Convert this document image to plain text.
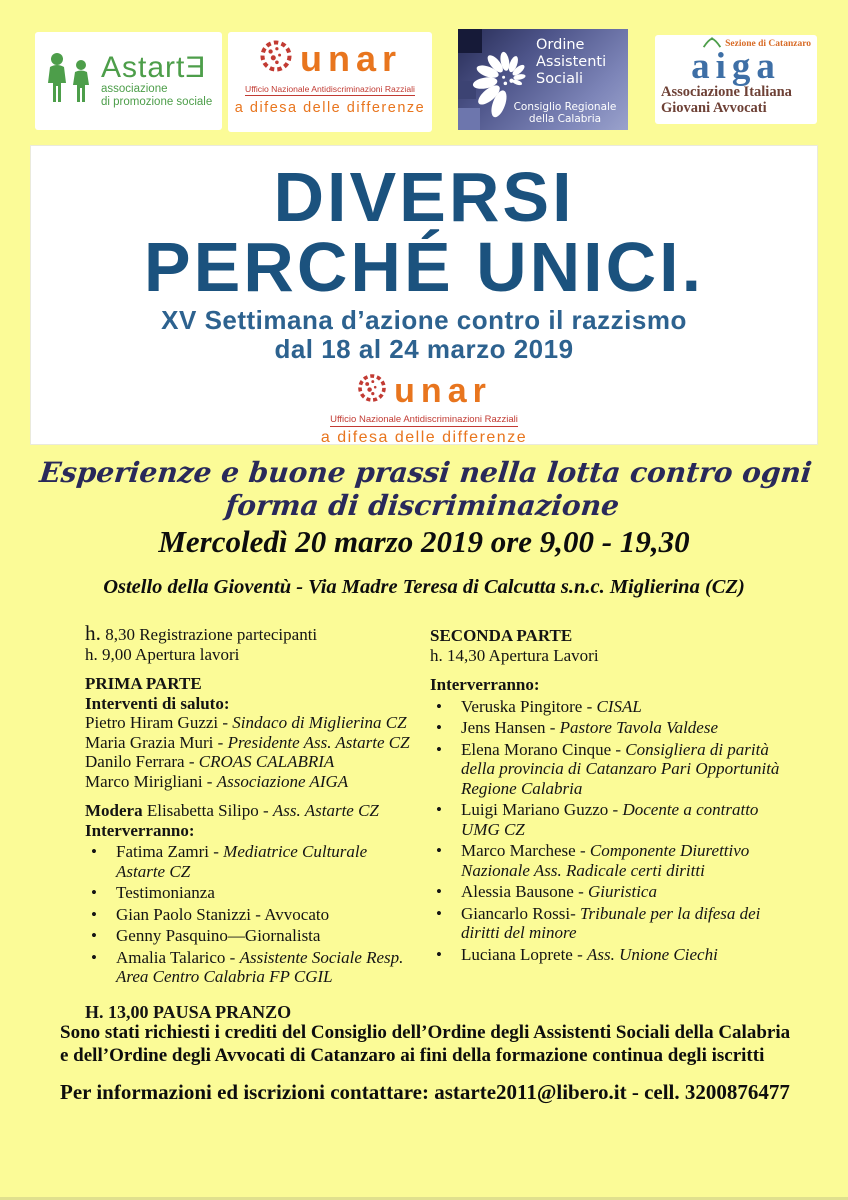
AstartƎ
associazione
di promozione sociale
unar
Ufficio Nazionale Antidiscriminazioni Razziali
a difesa delle differenze
Ordine
Assistenti
Sociali
Consiglio Regionale
della Calabria
Sezione di Catanzaro
aiga
Associazione Italiana
Giovani Avvocati
DIVERSI
PERCHÉ UNICI.
XV Settimana d’azione contro il razzismo
dal 18 al 24 marzo 2019
unar
Ufficio Nazionale Antidiscriminazioni Razziali
a difesa delle differenze
Esperienze e buone prassi nella lotta contro ogni forma di discriminazione
Mercoledì 20 marzo 2019 ore 9,00 - 19,30
Ostello della Gioventù - Via Madre Teresa di Calcutta s.n.c. Miglierina (CZ)
h. 8,30 Registrazione partecipanti
h. 9,00 Apertura lavori
PRIMA PARTE
Interventi di saluto:
Pietro Hiram Guzzi - Sindaco di Miglierina CZ
Maria Grazia Muri - Presidente Ass. Astarte CZ
Danilo Ferrara - CROAS CALABRIA
Marco Mirigliani - Associazione AIGA
Modera Elisabetta Silipo - Ass. Astarte CZ
Interverranno:
• Fatima Zamri - Mediatrice Culturale Astarte CZ
• Testimonianza
• Gian Paolo Stanizzi - Avvocato
• Genny Pasquino—Giornalista
• Amalia Talarico - Assistente Sociale Resp. Area Centro Calabria FP CGIL
H. 13,00 PAUSA PRANZO
SECONDA PARTE
h. 14,30 Apertura Lavori
Interverranno:
• Veruska Pingitore - CISAL
• Jens Hansen - Pastore Tavola Valdese
• Elena Morano Cinque - Consigliera di parità della provincia di Catanzaro Pari Opportunità Regione Calabria
• Luigi Mariano Guzzo - Docente a contratto UMG CZ
• Marco Marchese - Componente Diurettivo Nazionale Ass. Radicale certi diritti
• Alessia Bausone - Giuristica
• Giancarlo Rossi- Tribunale per la difesa dei diritti del minore
• Luciana Loprete - Ass. Unione Ciechi
Sono stati richiesti i crediti del Consiglio dell’Ordine degli Assistenti Sociali della Calabria e dell’Ordine degli Avvocati di Catanzaro ai fini della formazione continua degli iscritti
Per informazioni ed iscrizioni contattare: astarte2011@libero.it - cell. 3200876477
